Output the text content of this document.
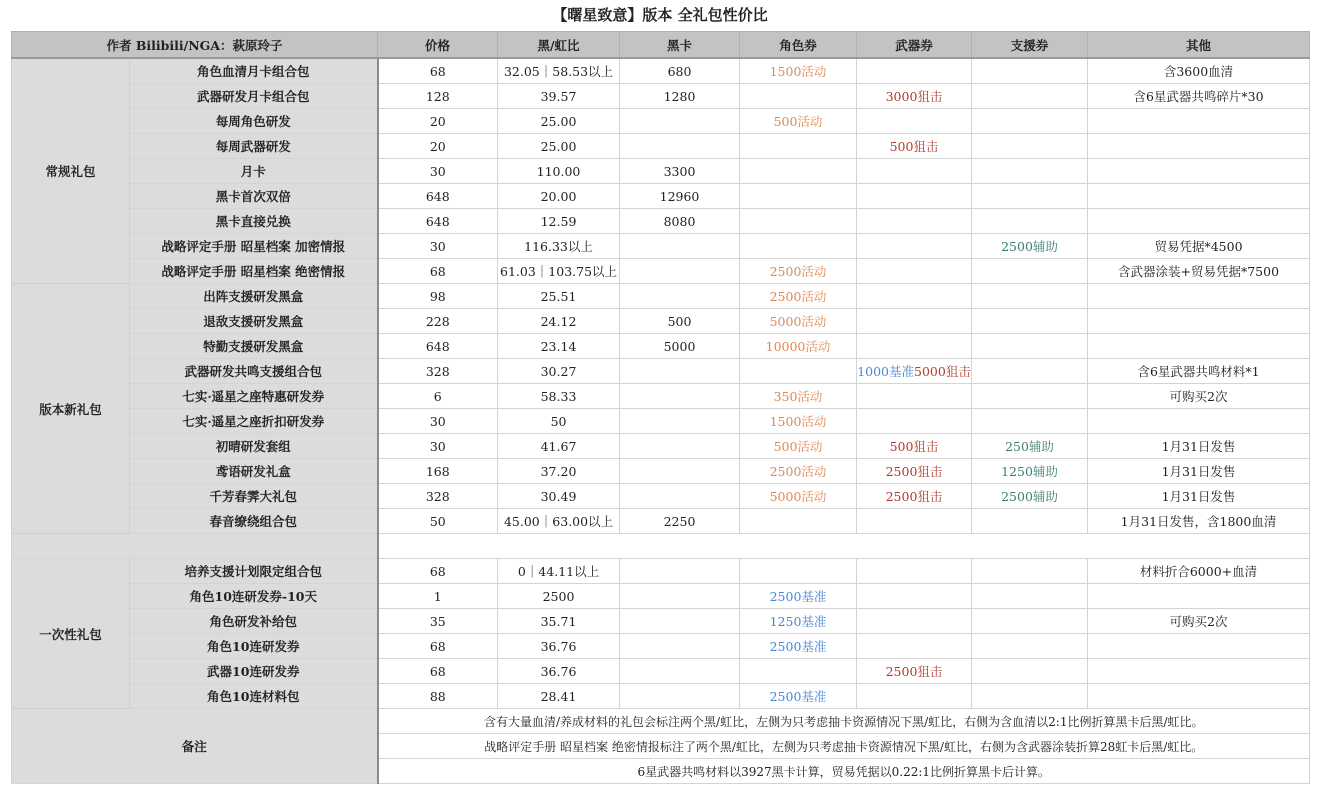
【曙星致意】版本 全礼包性价比
作者 Bilibili/NGA：萩原玲子		价格	黑/虹比	黑卡	角色券	武器券	支援券	其他
常规礼包	角色血清月卡组合包	68	32.05｜58.53以上	680	1500活动			含3600血清
	武器研发月卡组合包	128	39.57	1280		3000狙击		含6星武器共鸣碎片*30
	每周角色研发	20	25.00		500活动			
	每周武器研发	20	25.00			500狙击		
	月卡	30	110.00	3300				
	黑卡首次双倍	648	20.00	12960				
	黑卡直接兑换	648	12.59	8080				
	战略评定手册 昭星档案 加密情报	30	116.33以上				2500辅助	贸易凭据*4500
	战略评定手册 昭星档案 绝密情报	68	61.03｜103.75以上		2500活动			含武器涂装+贸易凭据*7500
版本新礼包	出阵支援研发黑盒	98	25.51		2500活动			
	退敌支援研发黑盒	228	24.12	500	5000活动			
	特勤支援研发黑盒	648	23.14	5000	10000活动			
	武器研发共鸣支援组合包	328	30.27			1000基准5000狙击		含6星武器共鸣材料*1
	七实·遥星之座特惠研发券	6	58.33		350活动			可购买2次
	七实·遥星之座折扣研发券	30	50		1500活动			
	初晴研发套组	30	41.67		500活动	500狙击	250辅助	1月31日发售
	鸢语研发礼盒	168	37.20		2500活动	2500狙击	1250辅助	1月31日发售
	千芳春霁大礼包	328	30.49		5000活动	2500狙击	2500辅助	1月31日发售
	春音缭绕组合包	50	45.00｜63.00以上	2250				1月31日发售，含1800血清

一次性礼包	培养支援计划限定组合包	68	0｜44.11以上					材料折合6000+血清
	角色10连研发券-10天	1	2500		2500基准			
	角色研发补给包	35	35.71		1250基准			可购买2次
	角色10连研发券	68	36.76		2500基准			
	武器10连研发券	68	36.76			2500狙击		
	角色10连材料包	88	28.41		2500基准			
备注		含有大量血清/养成材料的礼包会标注两个黑/虹比，左侧为只考虑抽卡资源情况下黑/虹比，右侧为含血清以2:1比例折算黑卡后黑/虹比。						
		战略评定手册 昭星档案 绝密情报标注了两个黑/虹比，左侧为只考虑抽卡资源情况下黑/虹比，右侧为含武器涂装折算28虹卡后黑/虹比。						
		6星武器共鸣材料以3927黑卡计算，贸易凭据以0.22:1比例折算黑卡后计算。						
